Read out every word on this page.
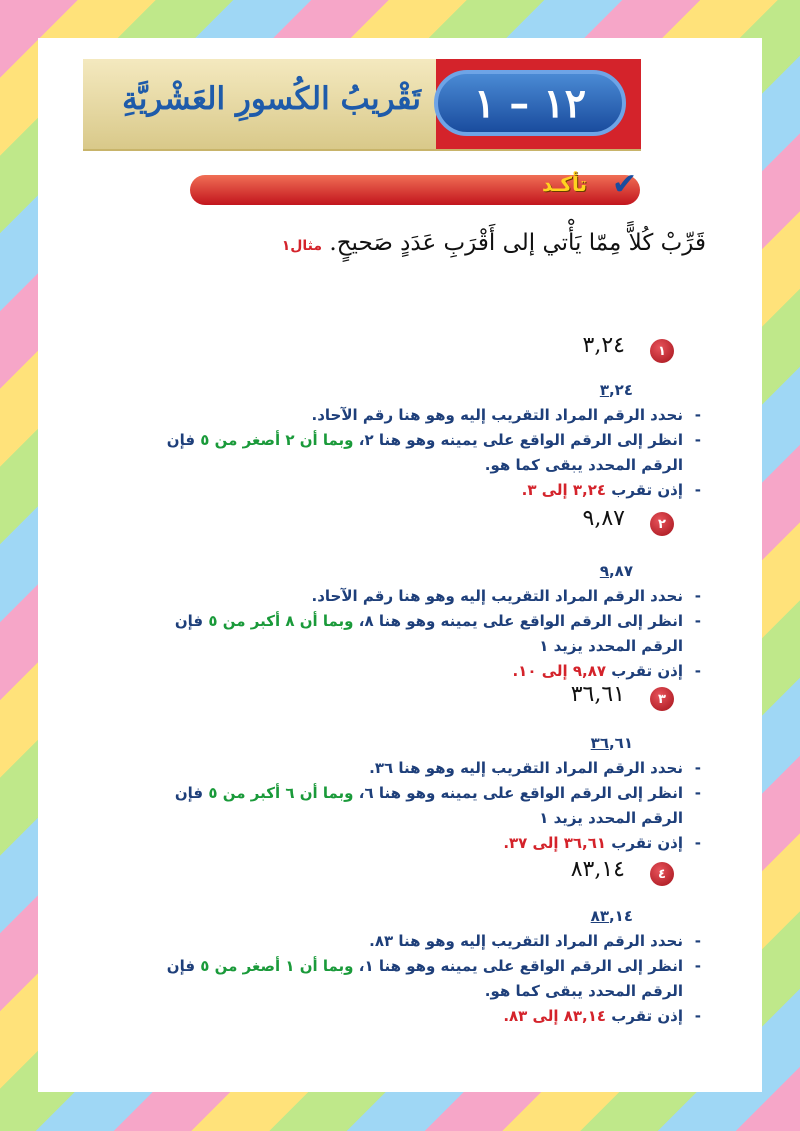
تَقْريبُ الكُسورِ العَشْريَّةِ ١٢ – ١
تأكـد ✔
قَرِّبْ كُلاًّ مِمّا يَأْتي إلى أَقْرَبِ عَدَدٍ صَحيحٍ. مثال١
١
٣,٢٤
٣,٢٤
- نحدد الرقم المراد التقريب إليه وهو هنا رقم الآحاد.
- انظر إلى الرقم الواقع على يمينه وهو هنا ٢، وبما أن ٢ أصغر من ٥ فإن الرقم المحدد يبقى كما هو.
- إذن تقرب ٣,٢٤ إلى ٣.
٢
٩,٨٧
٩,٨٧
- نحدد الرقم المراد التقريب إليه وهو هنا رقم الآحاد.
- انظر إلى الرقم الواقع على يمينه وهو هنا ٨، وبما أن ٨ أكبر من ٥ فإن الرقم المحدد يزيد ١
- إذن تقرب ٩,٨٧ إلى ١٠.
٣
٣٦,٦١
٣٦,٦١
- نحدد الرقم المراد التقريب إليه وهو هنا ٣٦.
- انظر إلى الرقم الواقع على يمينه وهو هنا ٦، وبما أن ٦ أكبر من ٥ فإن الرقم المحدد يزيد ١
- إذن تقرب ٣٦,٦١ إلى ٣٧.
٤
٨٣,١٤
٨٣,١٤
- نحدد الرقم المراد التقريب إليه وهو هنا ٨٣.
- انظر إلى الرقم الواقع على يمينه وهو هنا ١، وبما أن ١ أصغر من ٥ فإن الرقم المحدد يبقى كما هو.
- إذن تقرب ٨٣,١٤ إلى ٨٣.
